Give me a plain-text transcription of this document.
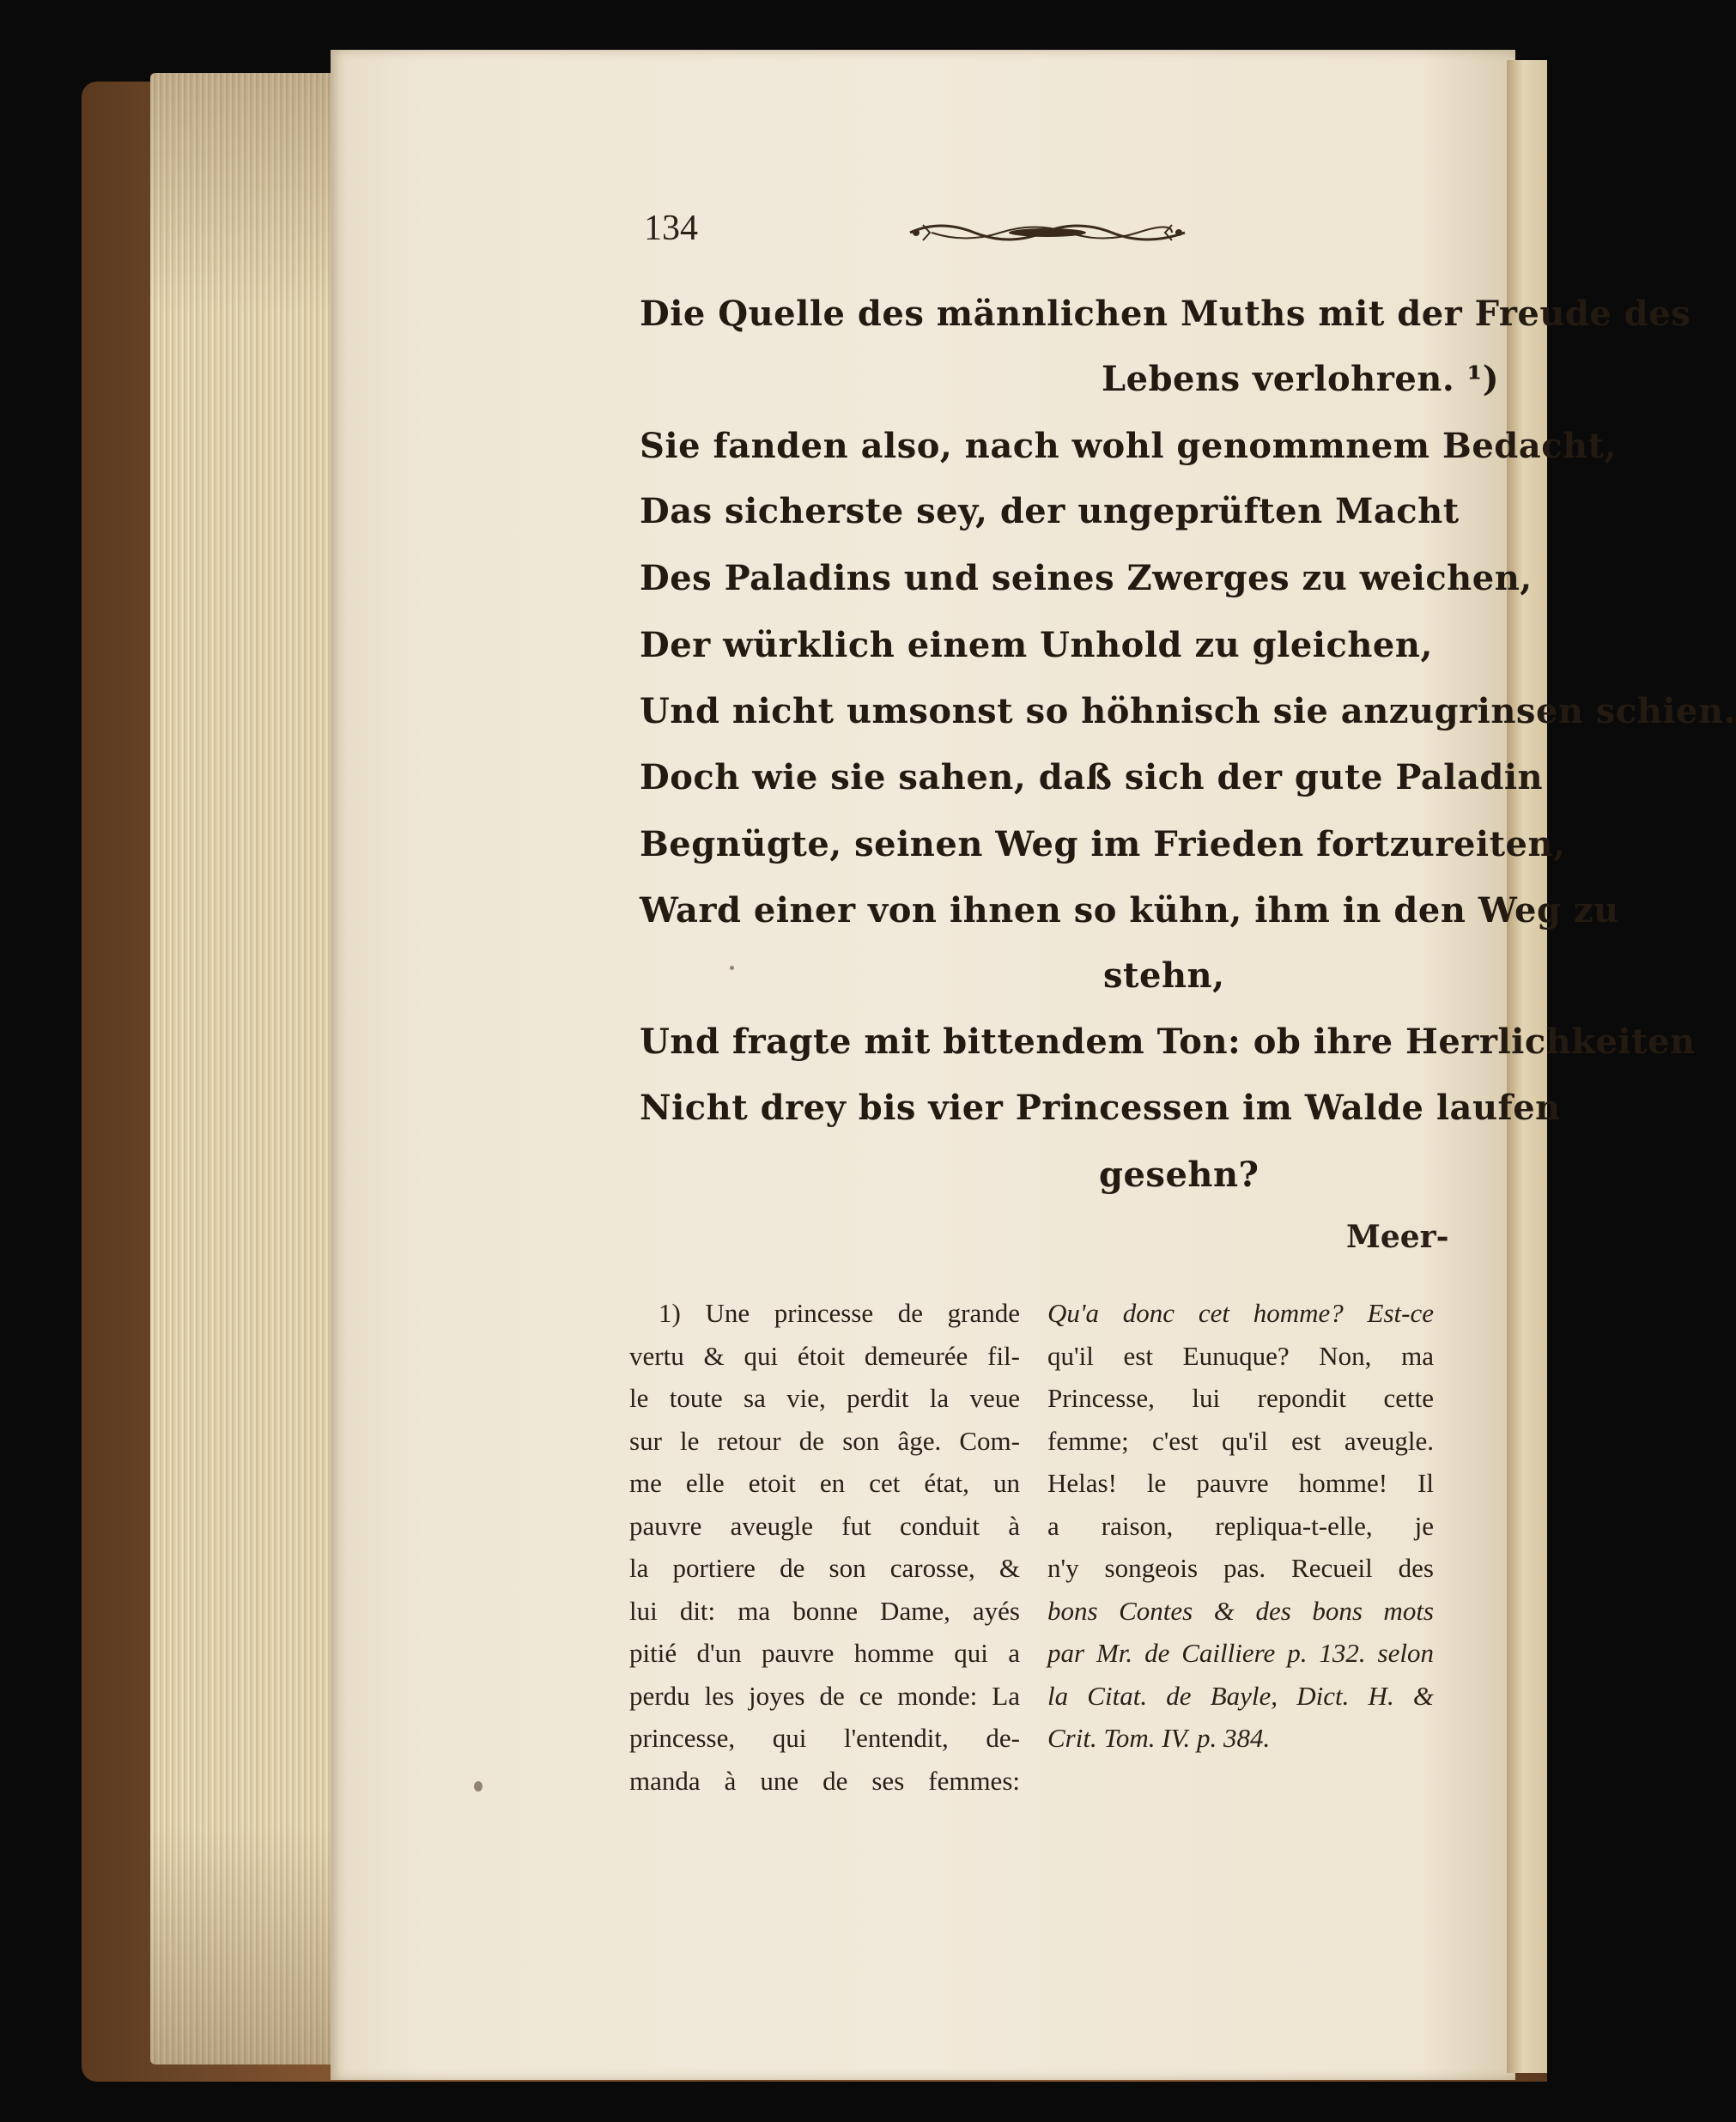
134
Die Quelle des männlichen Muths mit der Freude des
Lebens verlohren. ¹)
Sie fanden also, nach wohl genommnem Bedacht,
Das sicherste sey, der ungeprüften Macht
Des Paladins und seines Zwerges zu weichen,
Der würklich einem Unhold zu gleichen,
Und nicht umsonst so höhnisch sie anzugrinsen schien.
Doch wie sie sahen, daß sich der gute Paladin
Begnügte, seinen Weg im Frieden fortzureiten,
Ward einer von ihnen so kühn, ihm in den Weg zu
stehn,
Und fragte mit bittendem Ton: ob ihre Herrlichkeiten
Nicht drey bis vier Princessen im Walde laufen
gesehn?
Meer-
1) Une princesse de grande
vertu & qui étoit demeurée fil-
le toute sa vie, perdit la veue
sur le retour de son âge. Com-
me elle etoit en cet état, un
pauvre aveugle fut conduit à
la portiere de son carosse, &
lui dit: ma bonne Dame, ayés
pitié d'un pauvre homme qui a
perdu les joyes de ce monde: La
princesse, qui l'entendit, de-
manda à une de ses femmes:
Qu'a donc cet homme? Est-ce
qu'il est Eunuque? Non, ma
Princesse, lui repondit cette
femme; c'est qu'il est aveugle.
Helas! le pauvre homme! Il
a raison, repliqua-t-elle, je
n'y songeois pas. Recueil des
bons Contes & des bons mots
par Mr. de Cailliere p. 132. selon
la Citat. de Bayle, Dict. H. &
Crit. Tom. IV. p. 384.
